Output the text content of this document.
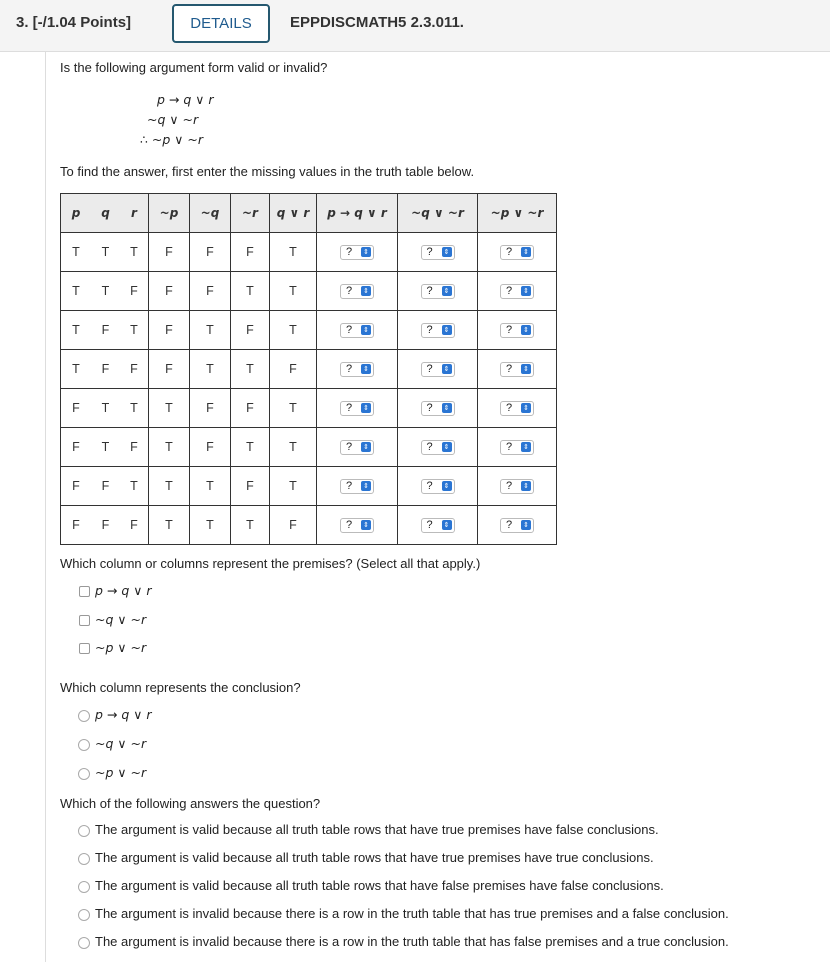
3. [-/1.04 Points]	DETAILS	EPPDISCMATH5 2.3.011.
Is the following argument form valid or invalid?
p → q ∨ r
~q ∨ ~r
∴ ~p ∨ ~r
To find the answer, first enter the missing values in the truth table below.
p	q	r	~p	~q	~r	q ∨ r	p → q ∨ r	~q ∨ ~r	~p ∨ ~r
T	T	T	F	F	F	T	? ⇕	? ⇕	? ⇕

T	T	F	F	F	T	T	? ⇕	? ⇕	? ⇕

T	F	T	F	T	F	T	? ⇕	? ⇕	? ⇕

T	F	F	F	T	T	F	? ⇕	? ⇕	? ⇕

F	T	T	T	F	F	T	? ⇕	? ⇕	? ⇕

F	T	F	T	F	T	T	? ⇕	? ⇕	? ⇕

F	F	T	T	T	F	T	? ⇕	? ⇕	? ⇕

F	F	F	T	T	T	F	? ⇕	? ⇕	? ⇕
Which column or columns represent the premises? (Select all that apply.)
p → q ∨ r
~q ∨ ~r
~p ∨ ~r
Which column represents the conclusion?
p → q ∨ r
~q ∨ ~r
~p ∨ ~r
Which of the following answers the question?
The argument is valid because all truth table rows that have true premises have false conclusions.
The argument is valid because all truth table rows that have true premises have true conclusions.
The argument is valid because all truth table rows that have false premises have false conclusions.
The argument is invalid because there is a row in the truth table that has true premises and a false conclusion.
The argument is invalid because there is a row in the truth table that has false premises and a true conclusion.
